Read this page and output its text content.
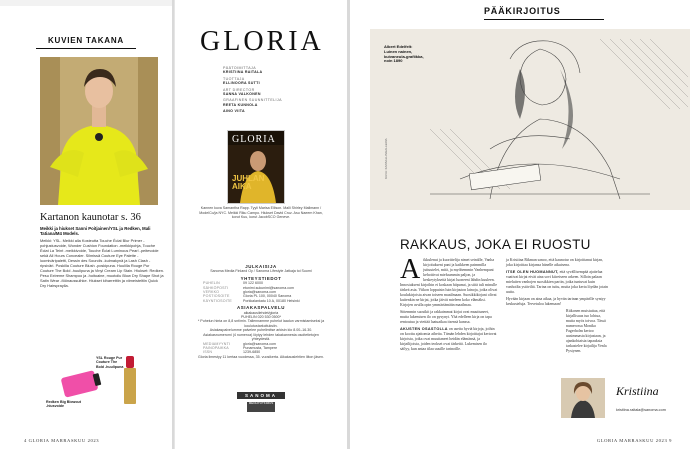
KUVIEN TAKANA
Kartanon kaunotar s. 36
Meikki ja hiukset Sanni Poitjainen/YSL ja Redken, Mali Tatiana/M4 Models.
Meikki: YSL. Meikki alla Kosteutta Touche Éclat Blur Primer -pohjustusvoide, Wonder Cushion Foundation -meikkipohja, Touche Éclat La Teint -meikkivoide, Touche Éclat Luminous Pearl -peitevoide sekä All Hours Concealer. Silmissä Couture Eye Palette -luomiväripaletti, Dessin des Sourcils -kulmakynä ja Lash Clash -ripsiväri. Poskilla Couture Blush -poskipuna. Huulilla Rouge Pur Couture The Bold -huulipuna ja Vinyl Cream Lip Stain. Hiukset: Redken. Pesu Extreme Shampoo ja -hoitoaine, muotoilu Blow Dry Shape Shot ja Satin Wear -föönaussuihke. Hiukset kiharrettiin ja viimeisteltiin Quick Dry Hairspraylla.
YSL Rouge Pur Couture The Bold -huulipuna
Redken Big Blowout -hiusvoide
4 GLORIA MARRASKUU 2023
GLORIA
PÄÄTOIMITTAJA
KRISTIINA RAITALA
TUOTTAJA
ELLINOORA SUTTI
ART DIRECTOR
SANNA VALKONEN
GRAAFINEN SUUNNITTELIJA
REETA KUNNOLA
AINO VIITA
GLORIA
JUHLAN AIKA
Kannen kuva Samantha Rapp. Tyyli Marisa Ellison. Malli Shirley Mallmann / ModelCo/ja NYC. Meikki Riku Campo. Hiukset David Cruz. Asu Naeem Khan, korut Kuu, korut JacobSCO Geneve.
JULKAISIJA
Sanoma Media Finland Oy / Sanoma Lifestyle Jatkaja toi Suomi
YHTEYSTIEDOT
PUHELIN	09 122 6000
SÄHKÖPOSTI	etunimi.sukunimi@sanoma.com
VERKKO	gloria@sanoma.com
POSTIOSOITE	Gloria PL 100, 00040 Sanoma
KÄYNTIOSOITE	Porkkalankatu 10 A, 00180 Helsinki
ASIAKASPALVELU
aikakausilehdet/gloria
PUHELIN 020 530 0500*
* Puhelun hinta on 8,8 snt/min. Tallennamme puhelut laadun varmistamiseksi ja koulutustarkoituksiin.
Asiakaspalvelumme palvelee puhelimitse arkisin klo 8.00–16.30.
Asiakasnumeromi (4 numeroa) löytyy lehden takakannesta osoitetietojen yhteydestä.
MEDIAMYYNTI	gloria@sanoma.com
PAINOPAIKKA	Punamusta, Tampere
ISSN	1239-6850
Gloria ilmestyy 11 kertaa vuodessa, 35. vuosikerta. Aikakauslehtien liiton jäsen.
SANOMA
MEDIATUTKIMUS
PÄÄKIRJOITUS
Albert Edelfelt: Luinen nainen, kuivaneula-grafiikka, noin 1890
KUVA: KANSALLISGALLERIA
RAKKAUS, JOKA EI RUOSTU
Aikkulenut ja kuorittelija nimet seinälle, Vanha kirjoitukseni pani ja kaikkeen paimmilla juttuutelet, mitä, ja myöhemmin Vanhempani kehottivat mieluummin paljon, ja keskeytyksettä kirjat luoneeni lähdin kuuleen. Innostukseni kirjoihin ei koskaan hiipunut, ja siitä tuli minulle tärkeä asia. Viikon loppuisin luin kirjaston lainoja, jotka olivat koulukirjoista aivan toiseen maailmaan. Suosikkikirjani olivat kuitenkin ne kirjat, jotka jäivät mieleen koko elämäksi. Kirjojen avulla opin ymmärtämään maailmaa.
Sittemmin suosikit ja rakkaimmat kirjat ovat muuttuneet, mutta lukemisen ilo on pysynyt. Yhä edelleen kirja on tapa rentoutua ja viettää laatuaikaa itsensä kanssa.
AKUSTEN OSASTOLLA on useita hyviä kirjoja, joihin on koottu ajattomia aiheita. Tämän lehden kirjoittajat kertovat kirjoista, jotka ovat muuttaneet heidän elämänsä, ja kirjailijoista, joiden teokset ovat tärkeitä. Lukemisen ilo säilyy, kun antaa tilaa uusille tarinoille.
ja Kristiina Rikman sanoo, että kaunotar on kirjoittanut kirjan, joka kirjoittaa kirjansa hänelle aikuisena.
ITSE OLEN HUOMANNUT, että syvällisempää ajattelua vaativat kirjat eivät aina sovi kiireiseen arkeen. Silloin palaan mieluiten vanhojen suosikkien pariin, jotka tuntuvat kuin vanhoilta ystäviltä. Tarina on tuttu, mutta joka kerta löydän jotain uutta.
Hyvään kirjaan on aina aikaa, ja hyvän tarinan ympärille syntyy keskusteluja. Tervetuloa lukemaan!
Riikonen muistuttaa, että kirjallisuus tuo lohtua, mutta myös toivoa. Tässä numerossa Monika Fagerholm kertoo uusimmasta kirjastaan, ja ajankohtaisia tapauksia tarkastelee kirjailija Venla Pystynen.
Kristiina
kristiina.raitala@sanoma.com
GLORIA MARRASKUU 2023 9
